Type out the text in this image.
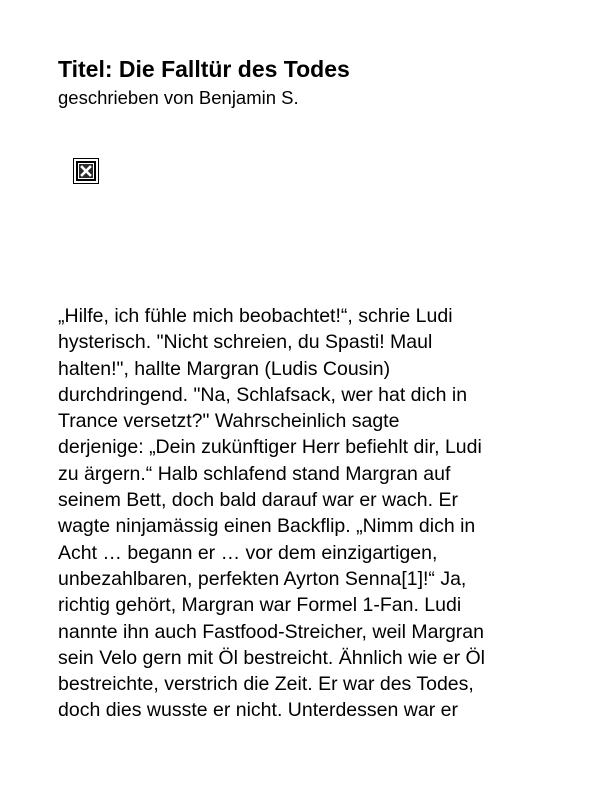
Titel: Die Falltür des Todes

geschrieben von Benjamin S.

„Hilfe, ich fühle mich beobachtet!“, schrie Ludi
hysterisch. "Nicht schreien, du Spasti! Maul
halten!", hallte Margran (Ludis Cousin)
durchdringend. "Na, Schlafsack, wer hat dich in
Trance versetzt?" Wahrscheinlich sagte
derjenige: „Dein zukünftiger Herr befiehlt dir, Ludi
zu ärgern.“ Halb schlafend stand Margran auf
seinem Bett, doch bald darauf war er wach. Er
wagte ninjamässig einen Backflip. „Nimm dich in
Acht … begann er … vor dem einzigartigen,
unbezahlbaren, perfekten Ayrton Senna[1]!“ Ja,
richtig gehört, Margran war Formel 1-Fan. Ludi
nannte ihn auch Fastfood-Streicher, weil Margran
sein Velo gern mit Öl bestreicht. Ähnlich wie er Öl
bestreichte, verstrich die Zeit. Er war des Todes,
doch dies wusste er nicht. Unterdessen war er
